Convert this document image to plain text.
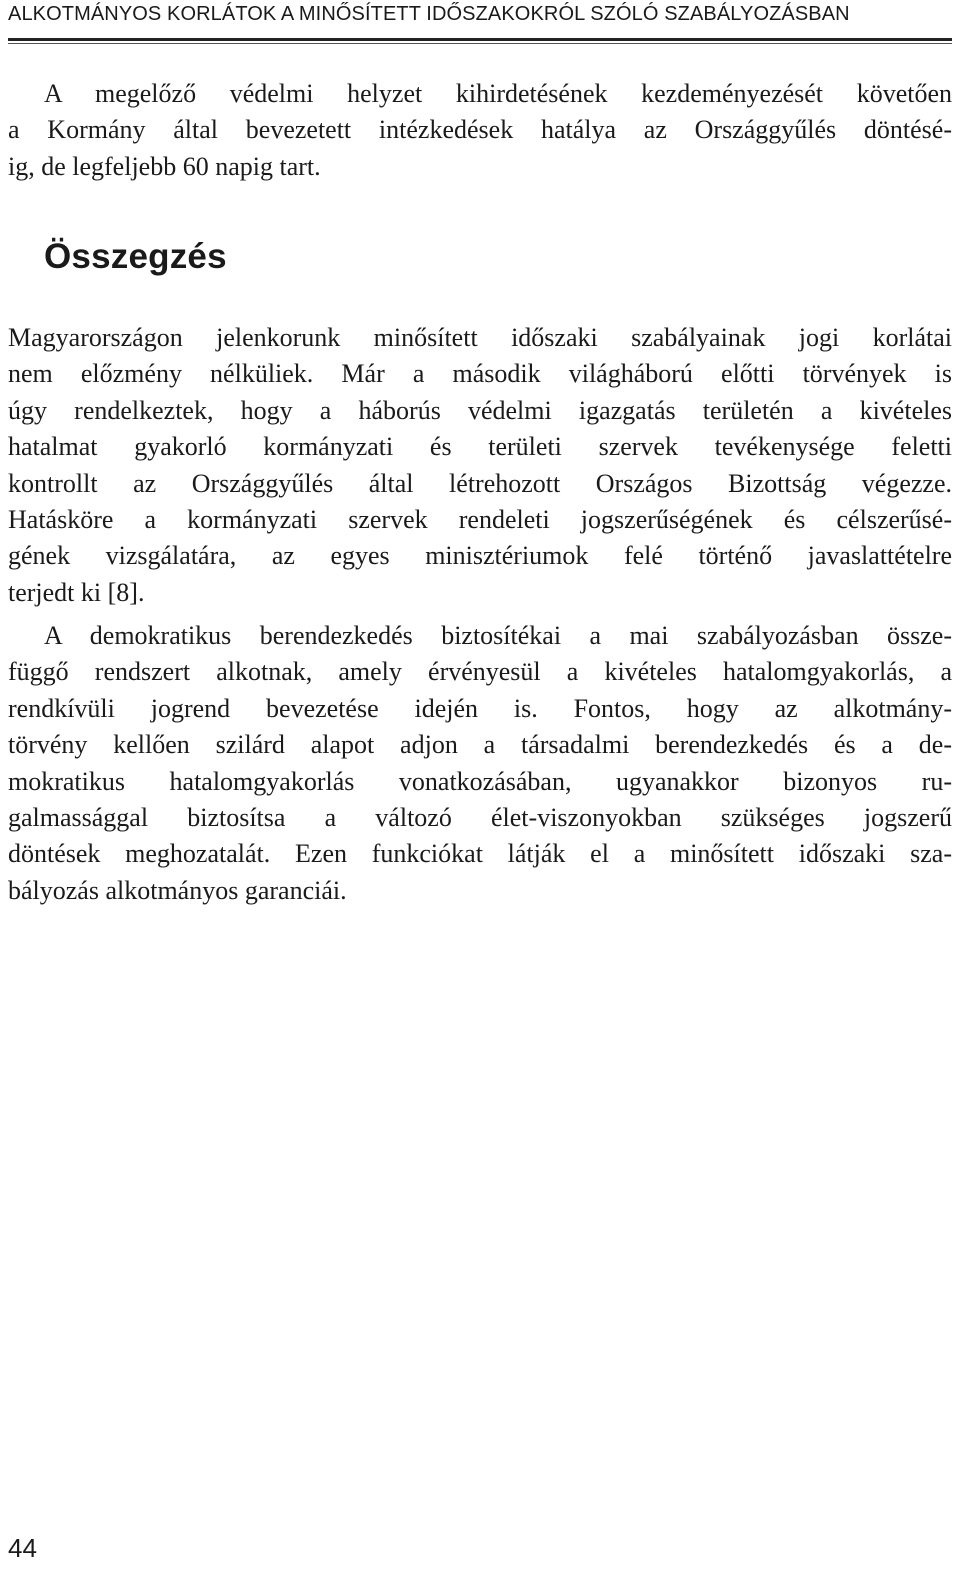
ALKOTMÁNYOS KORLÁTOK A MINŐSÍTETT IDŐSZAKOKRÓL SZÓLÓ SZABÁLYOZÁSBAN

A megelőző védelmi helyzet kihirdetésének kezdeményezését követően

a Kormány által bevezetett intézkedések hatálya az Országgyűlés döntésé-

ig, de legfeljebb 60 napig tart.

Összegzés

Magyarországon jelenkorunk minősített időszaki szabályainak jogi korlátai

nem előzmény nélküliek. Már a második világháború előtti törvények is

úgy rendelkeztek, hogy a háborús védelmi igazgatás területén a kivételes

hatalmat gyakorló kormányzati és területi szervek tevékenysége feletti

kontrollt az Országgyűlés által létrehozott Országos Bizottság végezze.

Hatásköre a kormányzati szervek rendeleti jogszerűségének és célszerűsé-

gének vizsgálatára, az egyes minisztériumok felé történő javaslattételre

terjedt ki [8].

A demokratikus berendezkedés biztosítékai a mai szabályozásban össze-

függő rendszert alkotnak, amely érvényesül a kivételes hatalomgyakorlás, a

rendkívüli jogrend bevezetése idején is. Fontos, hogy az alkotmány-

törvény kellően szilárd alapot adjon a társadalmi berendezkedés és a de-

mokratikus hatalomgyakorlás vonatkozásában, ugyanakkor bizonyos ru-

galmassággal biztosítsa a változó élet-viszonyokban szükséges jogszerű

döntések meghozatalát. Ezen funkciókat látják el a minősített időszaki sza-

bályozás alkotmányos garanciái.

44
